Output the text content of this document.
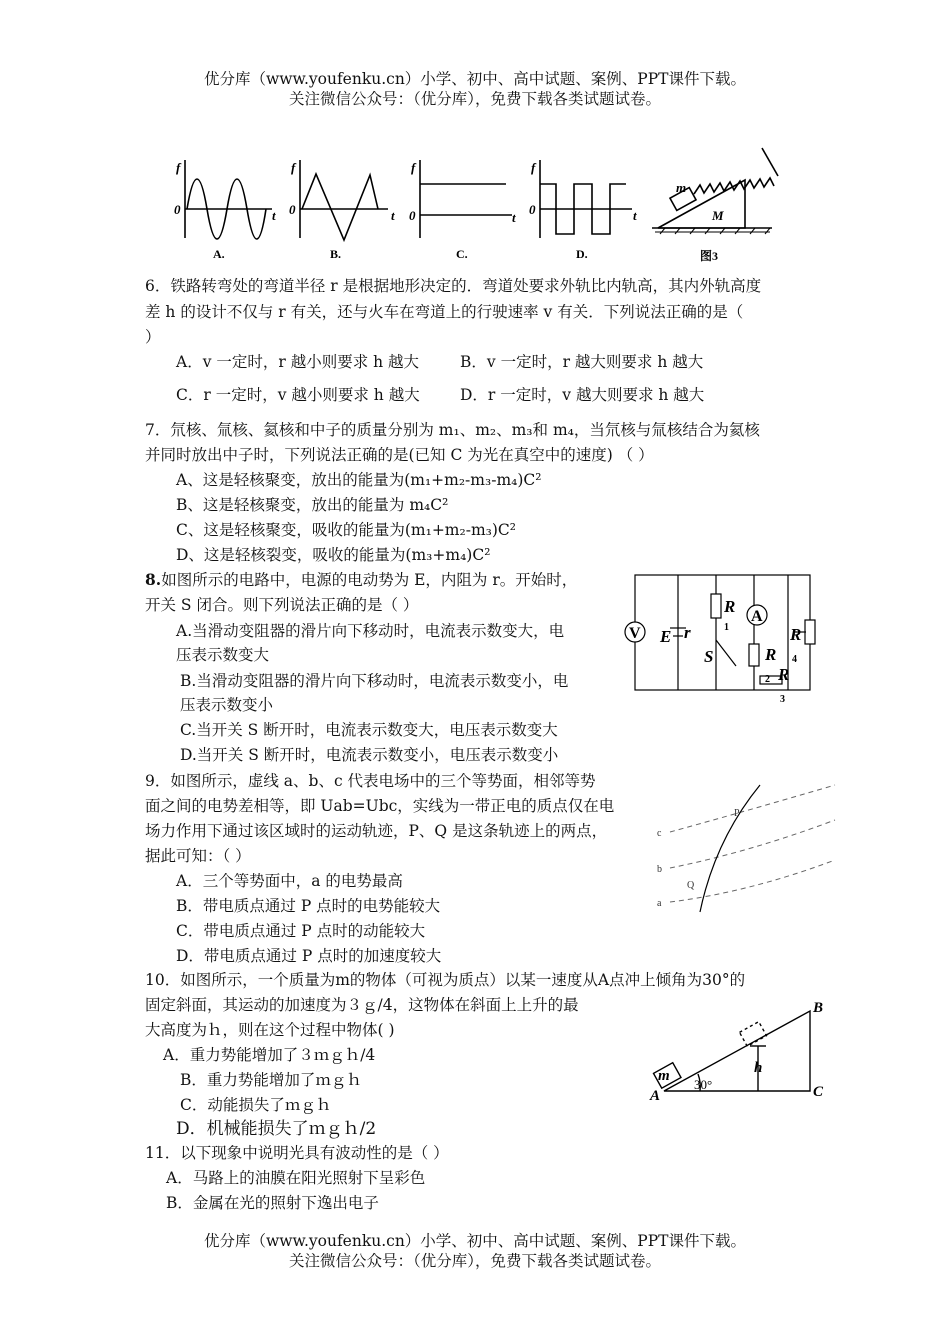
优分库（www.youfenku.cn）小学、初中、高中试题、案例、PPT课件下载。
关注微信公众号：（优分库），免费下载各类试题试卷。
f
0	t
f
0	t
f
0	t
f
0	t
m
M
A.	B.	C.	D.	图3
6．铁路转弯处的弯道半径 r 是根据地形决定的．弯道处要求外轨比内轨高，其内外轨高度
差 h 的设计不仅与 r 有关，还与火车在弯道上的行驶速率 v 有关．下列说法正确的是（
）
A．v 一定时，r 越小则要求 h 越大	B．v 一定时，r 越大则要求 h 越大
C．r 一定时，v 越小则要求 h 越大	D．r 一定时，v 越大则要求 h 越大
7．氘核、氚核、氦核和中子的质量分别为 m₁、m₂、m₃和 m₄，当氘核与氚核结合为氦核
并同时放出中子时，下列说法正确的是(已知 C 为光在真空中的速度) （ ）
A、这是轻核聚变，放出的能量为(m₁+m₂-m₃-m₄)C²
B、这是轻核聚变，放出的能量为 m₄C²
C、这是轻核聚变，吸收的能量为(m₁+m₂-m₃)C²
D、这是轻核裂变，吸收的能量为(m₃+m₄)C²
8.如图所示的电路中，电源的电动势为 E，内阻为 r。开始时，
开关 S 闭合。则下列说法正确的是（ ）
A.当滑动变阻器的滑片向下移动时，电流表示数变大，电
压表示数变大
B.当滑动变阻器的滑片向下移动时，电流表示数变小，电
压表示数变小
C.当开关 S 断开时，电流表示数变大，电压表示数变大
D.当开关 S 断开时，电流表示数变小，电压表示数变小
V
A
E r
S
R
R
R
R
1
2
4
3
9．如图所示，虚线 a、b、c 代表电场中的三个等势面，相邻等势
面之间的电势差相等，即 Uab=Ubc，实线为一带正电的质点仅在电
场力作用下通过该区域时的运动轨迹，P、Q 是这条轨迹上的两点，
据此可知：（ ）
A．三个等势面中，a 的电势最高
B．带电质点通过 P 点时的电势能较大
C．带电质点通过 P 点时的动能较大
D．带电质点通过 P 点时的加速度较大
c
b
a
P
Q
10．如图所示，一个质量为m的物体（可视为质点）以某一速度从A点冲上倾角为30°的
固定斜面，其运动的加速度为３ｇ/4，这物体在斜面上上升的最
大高度为ｈ，则在这个过程中物体( )
A．重力势能增加了３ｍｇｈ/4
B．重力势能增加了ｍｇｈ
C．动能损失了ｍｇｈ
D．机械能损失了ｍｇｈ/2
A
B
C
h
m
30°
11．以下现象中说明光具有波动性的是（ ）
A．马路上的油膜在阳光照射下呈彩色
B．金属在光的照射下逸出电子
优分库（www.youfenku.cn）小学、初中、高中试题、案例、PPT课件下载。
关注微信公众号：（优分库），免费下载各类试题试卷。
